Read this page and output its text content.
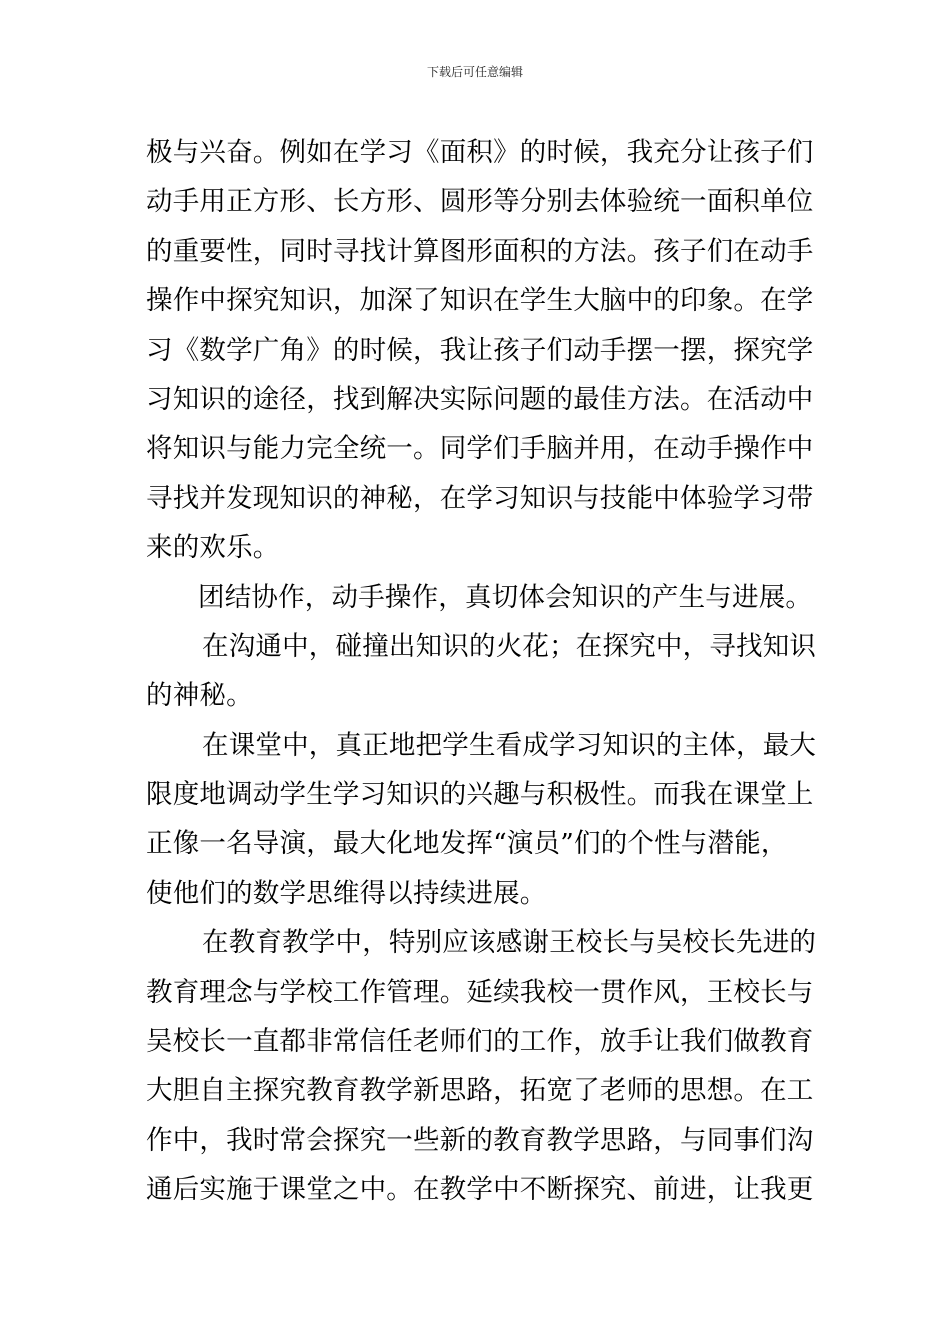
下载后可任意编辑
极与兴奋。例如在学习《面积》的时候，我充分让孩子们
动手用正方形、长方形、圆形等分别去体验统一面积单位
的重要性，同时寻找计算图形面积的方法。孩子们在动手
操作中探究知识，加深了知识在学生大脑中的印象。在学
习《数学广角》的时候，我让孩子们动手摆一摆，探究学
习知识的途径，找到解决实际问题的最佳方法。在活动中
将知识与能力完全统一。同学们手脑并用，在动手操作中
寻找并发现知识的神秘，在学习知识与技能中体验学习带
来的欢乐。
团结协作，动手操作，真切体会知识的产生与进展。
在沟通中，碰撞出知识的火花；在探究中，寻找知识
的神秘。
在课堂中，真正地把学生看成学习知识的主体，最大
限度地调动学生学习知识的兴趣与积极性。而我在课堂上
正像一名导演，最大化地发挥“演员”们的个性与潜能，
使他们的数学思维得以持续进展。
在教育教学中，特别应该感谢王校长与吴校长先进的
教育理念与学校工作管理。延续我校一贯作风，王校长与
吴校长一直都非常信任老师们的工作，放手让我们做教育
大胆自主探究教育教学新思路，拓宽了老师的思想。在工
作中，我时常会探究一些新的教育教学思路，与同事们沟
通后实施于课堂之中。在教学中不断探究、前进，让我更
